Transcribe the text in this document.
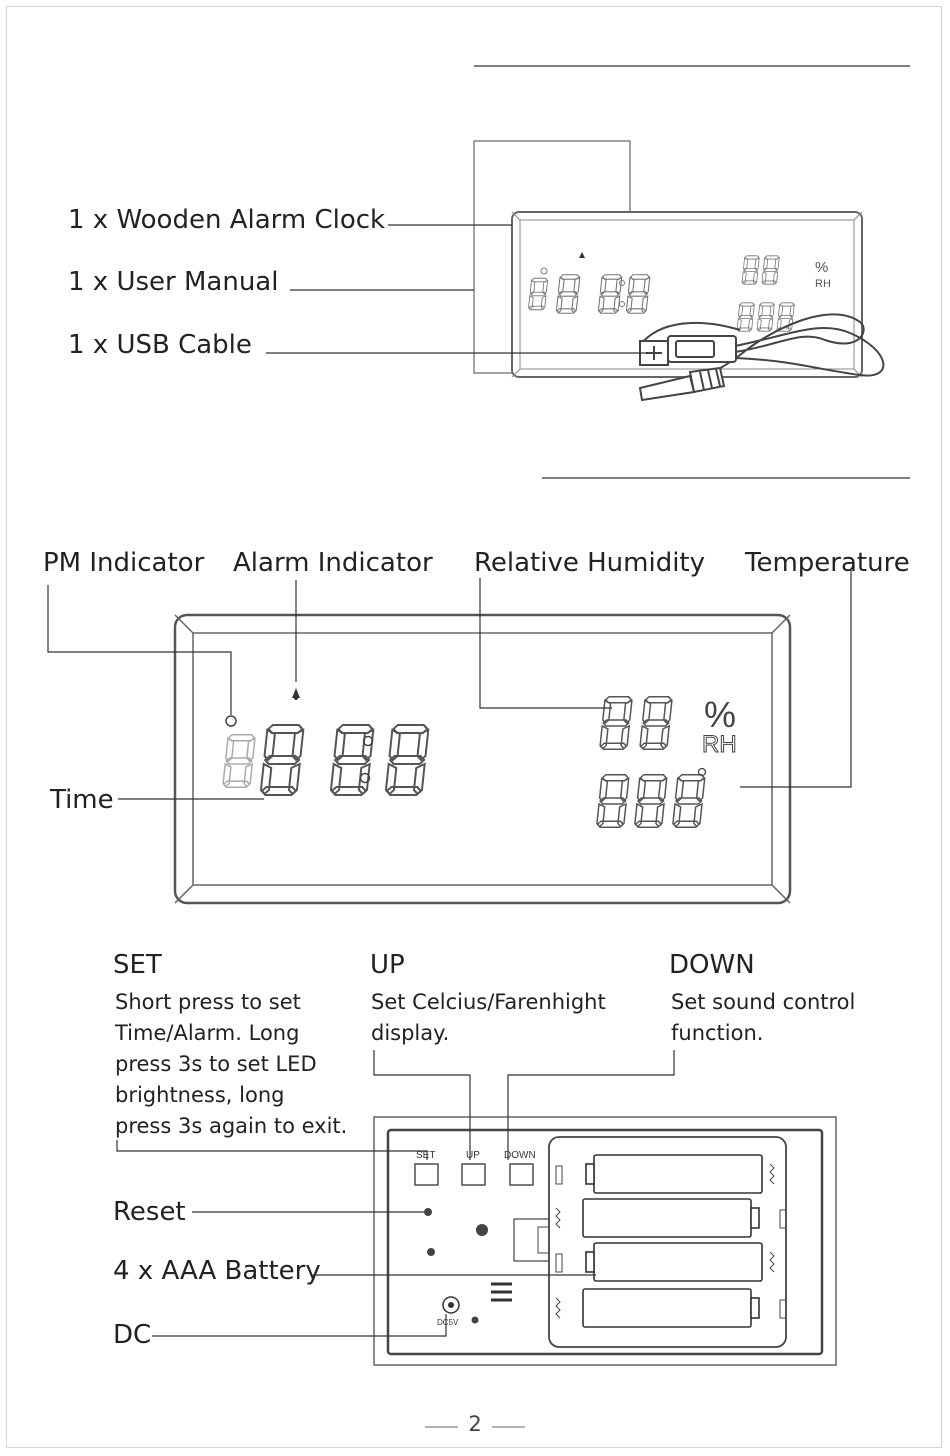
1 x Wooden Alarm Clock
1 x User Manual
1 x USB Cable
PM Indicator Alarm Indicator Relative Humidity Temperature
Time
SET	UP	DOWN
Short press to set
Time/Alarm. Long
press 3s to set LED
brightness, long
press 3s again to exit.
Set Celcius/Farenhight
display.
Set sound control
function.
Reset
4 x AAA Battery
DC
%
RH
%
RH
SET	UP DOWN
DC5V
2
